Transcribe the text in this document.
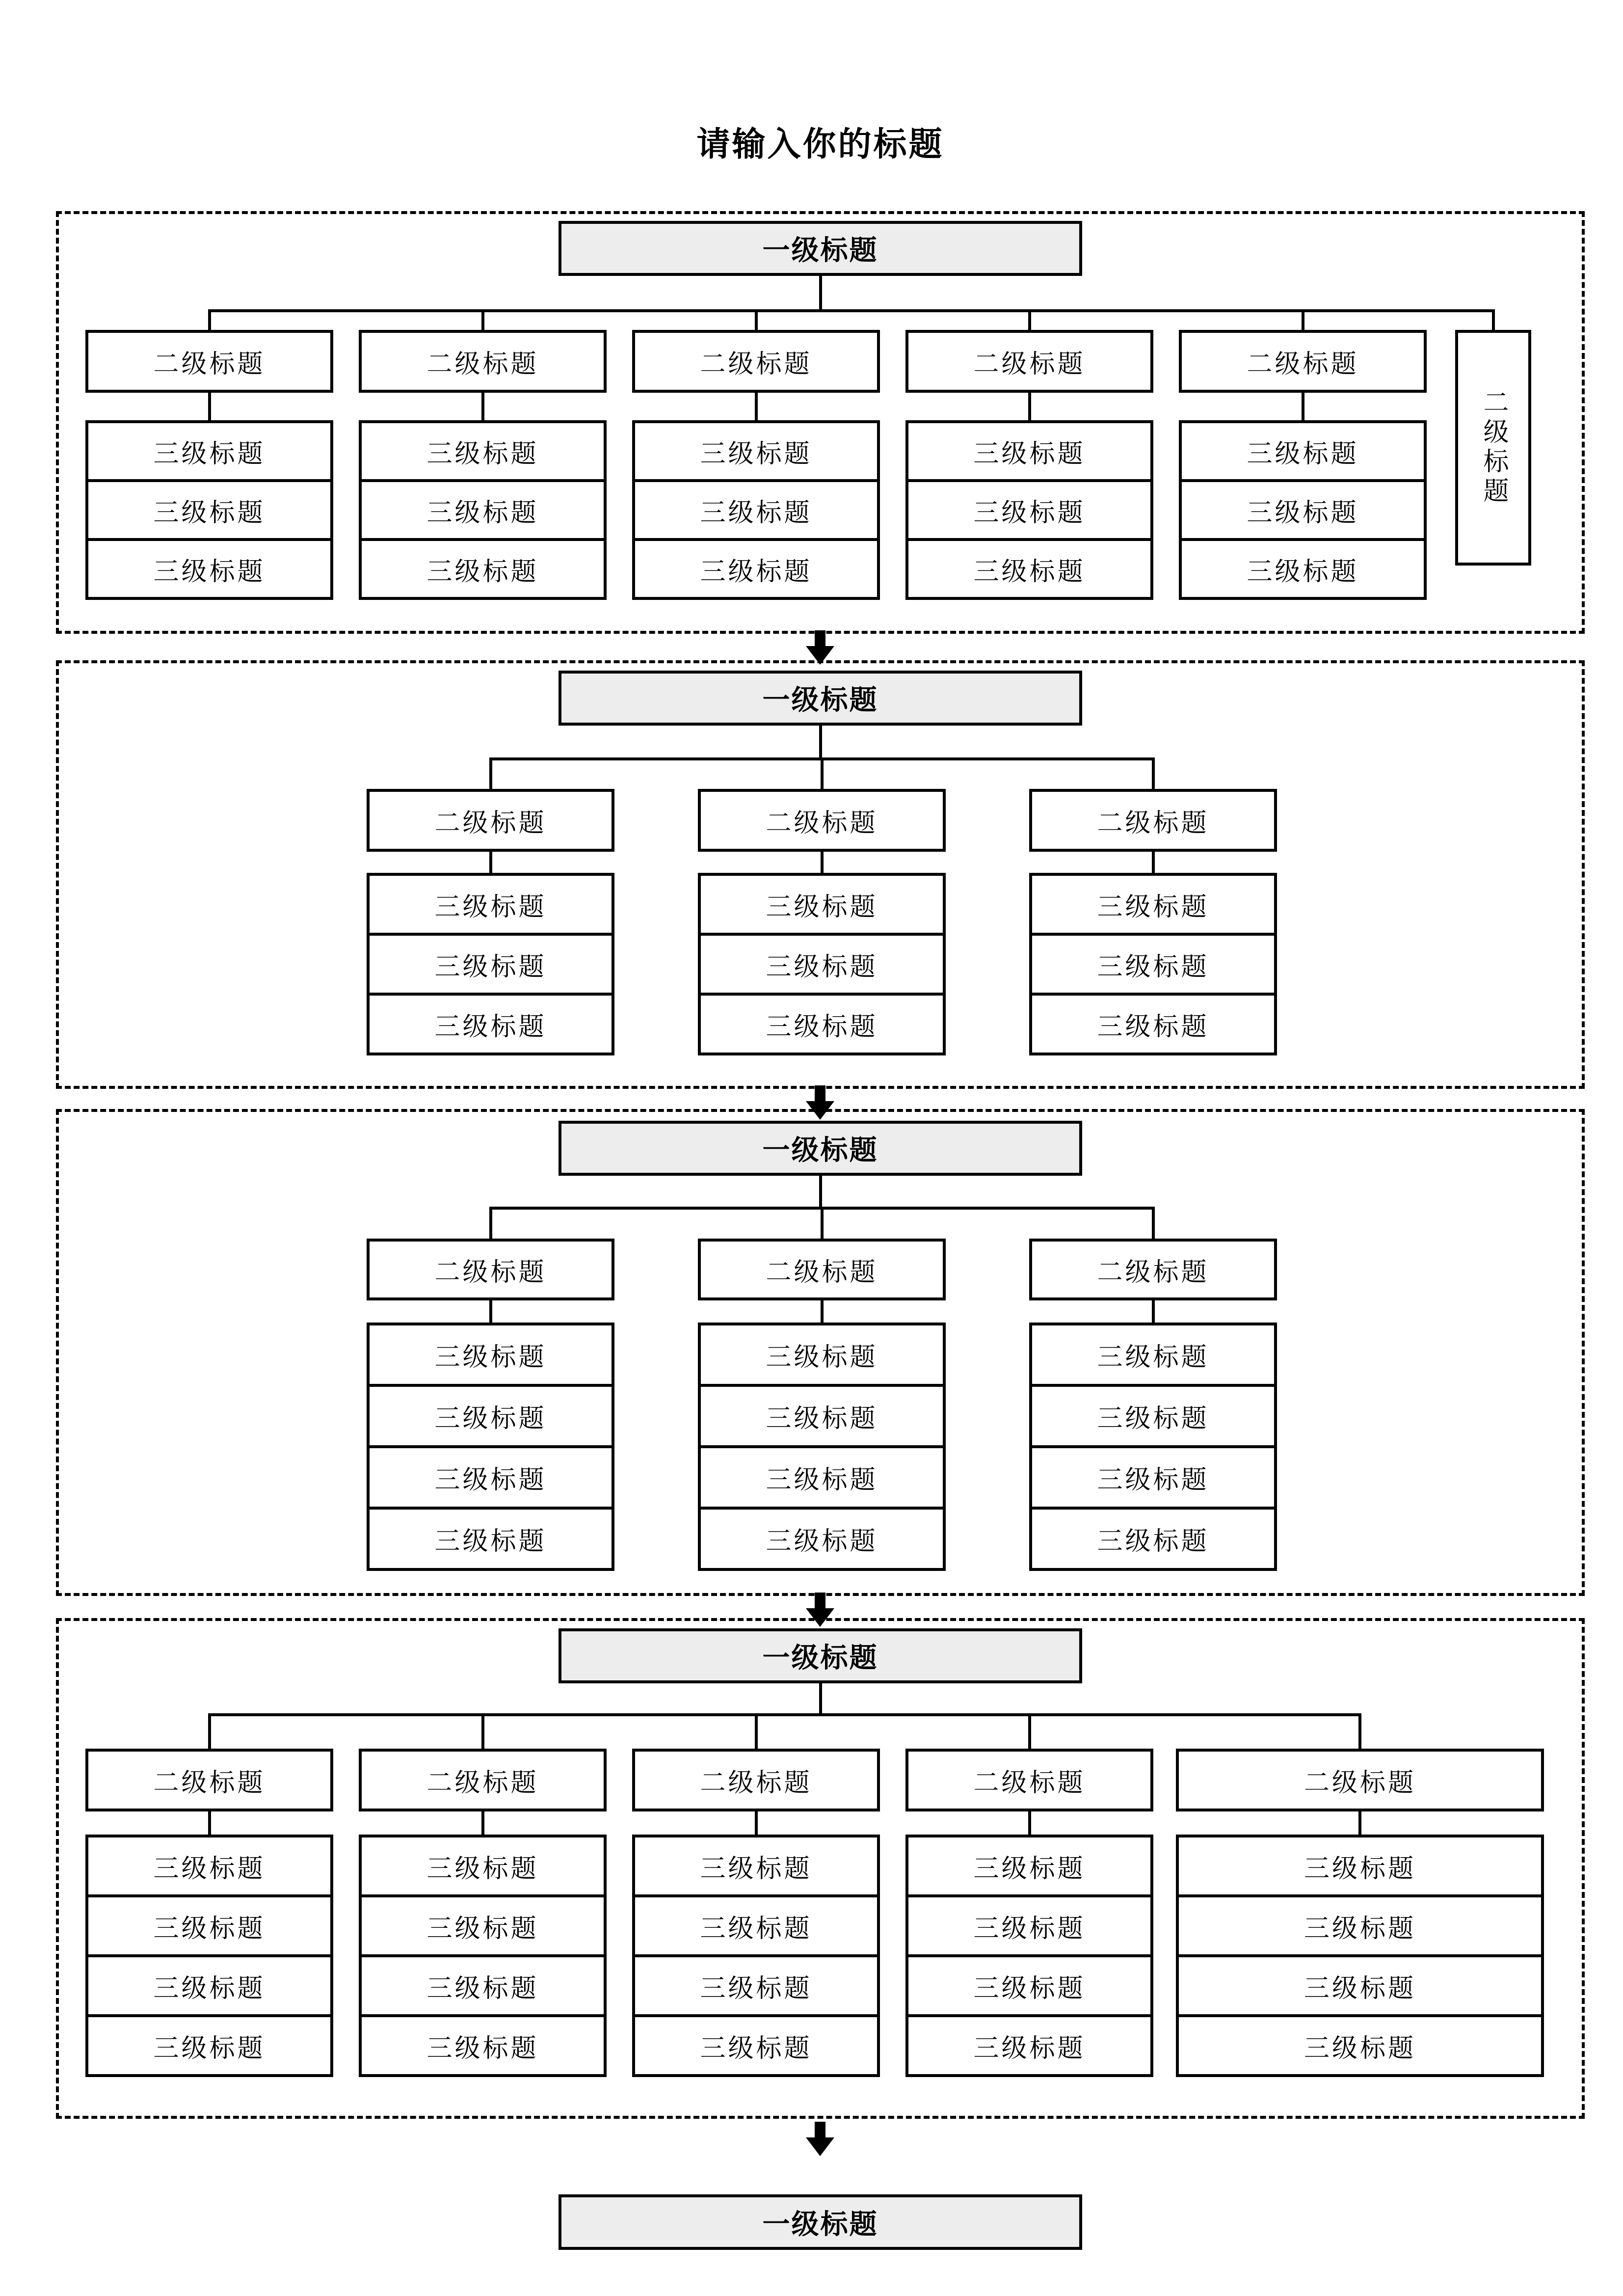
请输入你的标题
一级标题
二级标题
三级标题
三级标题
三级标题
二级标题
三级标题
三级标题
三级标题
二级标题
三级标题
三级标题
三级标题
二级标题
三级标题
三级标题
三级标题
二级标题
三级标题
三级标题
三级标题
二级标题
一级标题
二级标题
三级标题
三级标题
三级标题
二级标题
三级标题
三级标题
三级标题
二级标题
三级标题
三级标题
三级标题
一级标题
二级标题
三级标题
三级标题
三级标题
三级标题
二级标题
三级标题
三级标题
三级标题
三级标题
二级标题
三级标题
三级标题
三级标题
三级标题
一级标题
二级标题
三级标题
三级标题
三级标题
三级标题
二级标题
三级标题
三级标题
三级标题
三级标题
二级标题
三级标题
三级标题
三级标题
三级标题
二级标题
三级标题
三级标题
三级标题
三级标题
二级标题
三级标题
三级标题
三级标题
三级标题
一级标题
